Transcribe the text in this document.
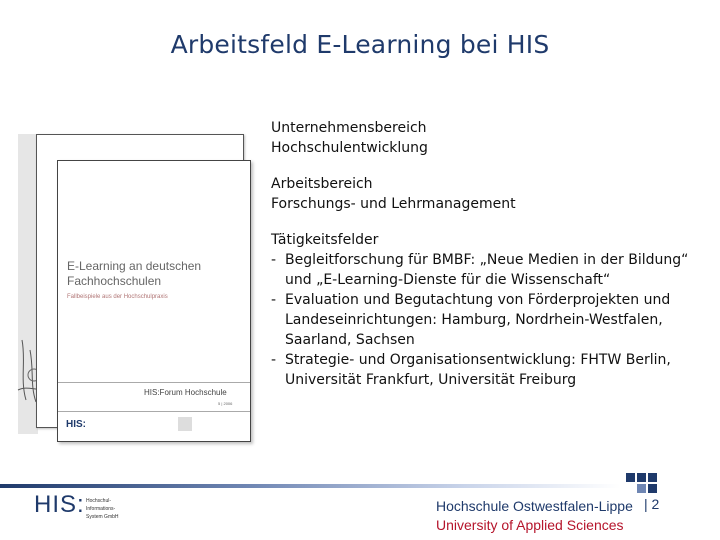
Arbeitsfeld E-Learning bei HIS
E-Learning an deutschen
Fachhochschulen
Fallbeispiele aus der Hochschulpraxis
HIS:Forum Hochschule
5 | 2006
HIS:
Unternehmensbereich
Hochschulentwicklung
Arbeitsbereich
Forschungs- und Lehrmanagement
Tätigkeitsfelder
- Begleitforschung für BMBF: „Neue Medien in der Bildung“ und „E-Learning-Dienste für die Wissenschaft“
- Evaluation und Begutachtung von Förderprojekten und Landeseinrichtungen: Hamburg, Nordrhein-Westfalen, Saarland, Sachsen
- Strategie- und Organisationsentwicklung: FHTW Berlin, Universität Frankfurt, Universität Freiburg
HIS: Hochschul-
Informations-
System GmbH
Hochschule Ostwestfalen-Lippe
University of Applied Sciences
| 2
